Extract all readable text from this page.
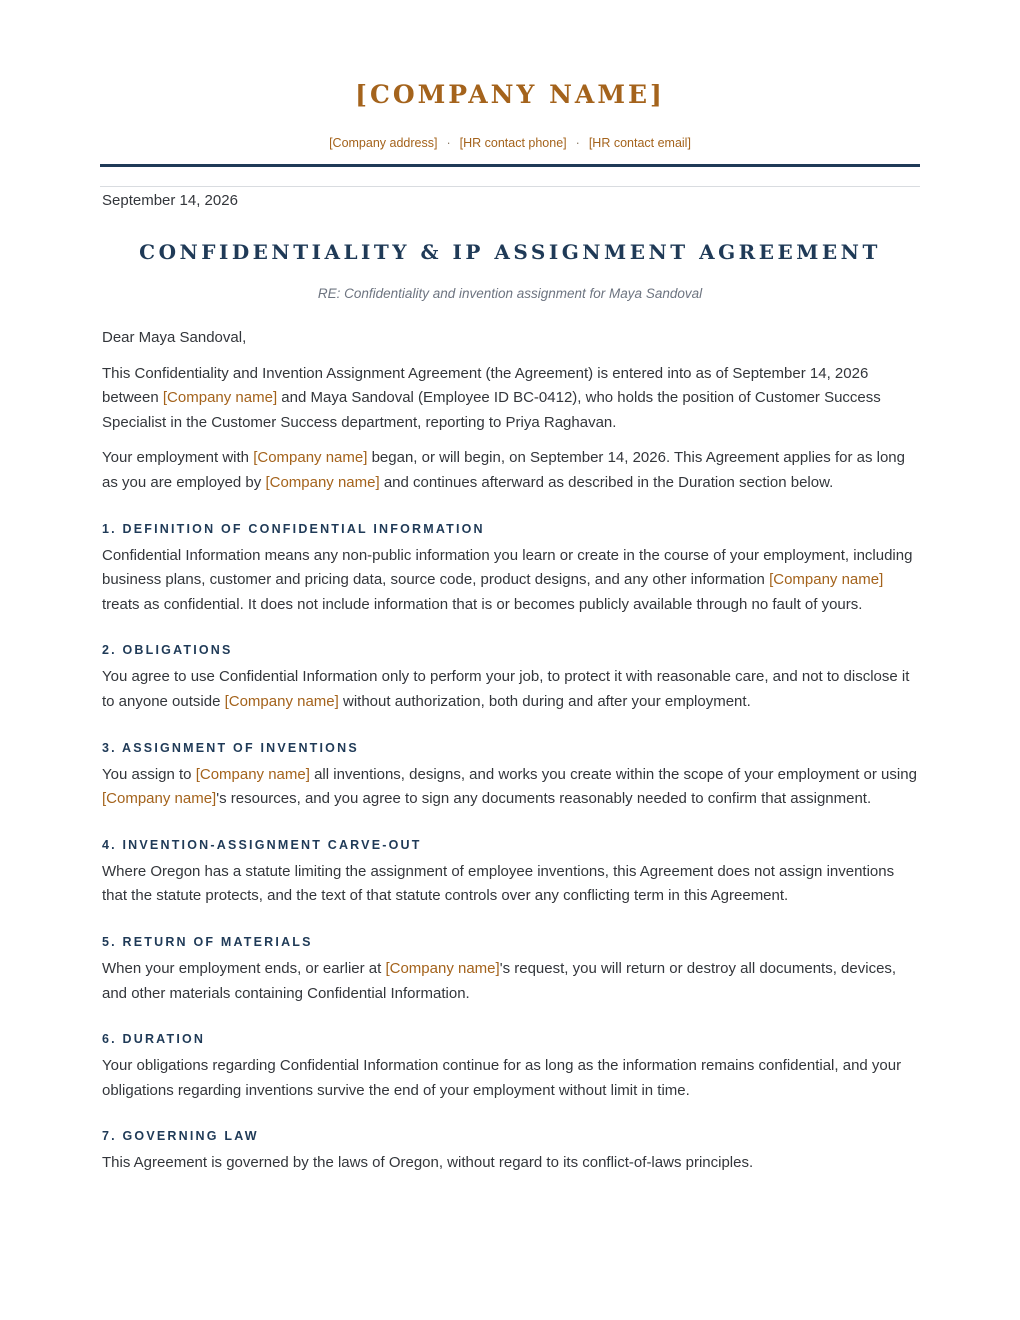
[COMPANY NAME]
[Company address] · [HR contact phone] · [HR contact email]
September 14, 2026
CONFIDENTIALITY & IP ASSIGNMENT AGREEMENT
RE: Confidentiality and invention assignment for Maya Sandoval

Dear Maya Sandoval,

This Confidentiality and Invention Assignment Agreement (the Agreement) is entered into as of September 14, 2026 between [Company name] and Maya Sandoval (Employee ID BC-0412), who holds the position of Customer Success Specialist in the Customer Success department, reporting to Priya Raghavan.

Your employment with [Company name] began, or will begin, on September 14, 2026. This Agreement applies for as long as you are employed by [Company name] and continues afterward as described in the Duration section below.

1. DEFINITION OF CONFIDENTIAL INFORMATION

Confidential Information means any non-public information you learn or create in the course of your employment, including business plans, customer and pricing data, source code, product designs, and any other information [Company name] treats as confidential. It does not include information that is or becomes publicly available through no fault of yours.

2. OBLIGATIONS

You agree to use Confidential Information only to perform your job, to protect it with reasonable care, and not to disclose it to anyone outside [Company name] without authorization, both during and after your employment.

3. ASSIGNMENT OF INVENTIONS

You assign to [Company name] all inventions, designs, and works you create within the scope of your employment or using [Company name]'s resources, and you agree to sign any documents reasonably needed to confirm that assignment.

4. INVENTION-ASSIGNMENT CARVE-OUT

Where Oregon has a statute limiting the assignment of employee inventions, this Agreement does not assign inventions that the statute protects, and the text of that statute controls over any conflicting term in this Agreement.

5. RETURN OF MATERIALS

When your employment ends, or earlier at [Company name]'s request, you will return or destroy all documents, devices, and other materials containing Confidential Information.

6. DURATION

Your obligations regarding Confidential Information continue for as long as the information remains confidential, and your obligations regarding inventions survive the end of your employment without limit in time.

7. GOVERNING LAW

This Agreement is governed by the laws of Oregon, without regard to its conflict-of-laws principles.
